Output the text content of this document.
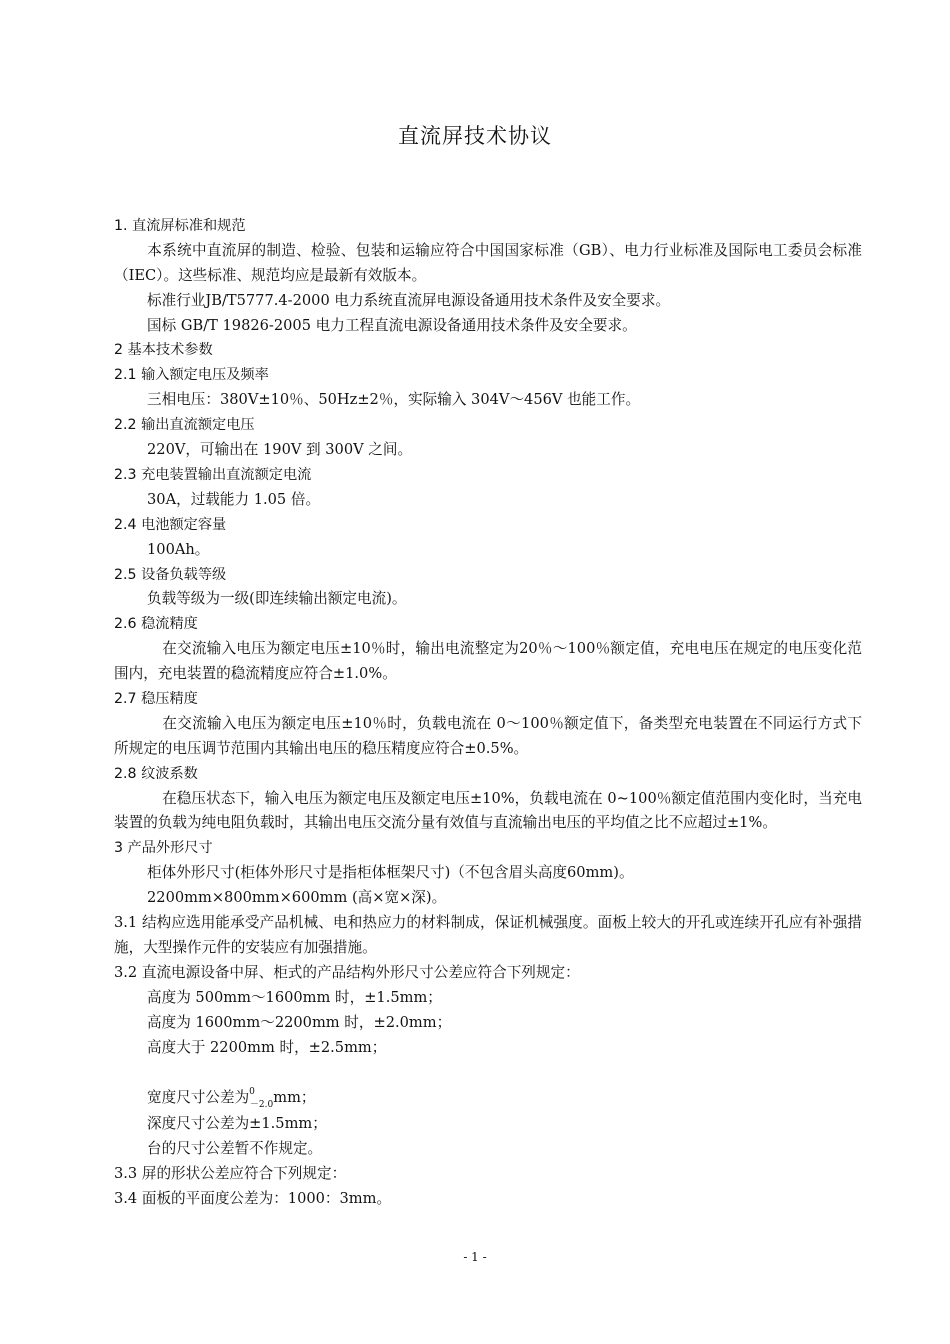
直流屏技术协议
1. 直流屏标准和规范
本系统中直流屏的制造、检验、包装和运输应符合中国国家标准（GB）、电力行业标准及国际电工委员会标准（IEC）。这些标准、规范均应是最新有效版本。
标准行业JB/T5777.4-2000 电力系统直流屏电源设备通用技术条件及安全要求。
国标 GB/T 19826-2005 电力工程直流电源设备通用技术条件及安全要求。
2 基本技术参数
2.1 输入额定电压及频率
三相电压：380V±10％、50Hz±2％，实际输入 304V～456V 也能工作。
2.2 输出直流额定电压
220V，可输出在 190V 到 300V 之间。
2.3 充电装置输出直流额定电流
30A，过载能力 1.05 倍。
2.4 电池额定容量
100Ah。
2.5 设备负载等级
负载等级为一级(即连续输出额定电流)。
2.6 稳流精度
在交流输入电压为额定电压±10％时，输出电流整定为20％～100％额定值，充电电压在规定的电压变化范围内，充电装置的稳流精度应符合±1.0%。
2.7 稳压精度
在交流输入电压为额定电压±10％时，负载电流在 0～100％额定值下，备类型充电装置在不同运行方式下所规定的电压调节范围内其输出电压的稳压精度应符合±0.5%。
2.8 纹波系数
在稳压状态下，输入电压为额定电压及额定电压±10%，负载电流在 0~100％额定值范围内变化时，当充电装置的负载为纯电阻负载时，其输出电压交流分量有效值与直流输出电压的平均值之比不应超过±1%。
3 产品外形尺寸
柜体外形尺寸(柜体外形尺寸是指柜体框架尺寸)（不包含眉头高度60mm)。
2200mm×800mm×600mm (高×宽×深)。
3.1 结构应选用能承受产品机械、电和热应力的材料制成，保证机械强度。面板上较大的开孔或连续开孔应有补强措施，大型操作元件的安装应有加强措施。
3.2 直流电源设备中屏、柜式的产品结构外形尺寸公差应符合下列规定：
高度为 500mm～1600mm 时，±1.5mm；
高度为 1600mm～2200mm 时，±2.0mm；
高度大于 2200mm 时，±2.5mm；
宽度尺寸公差为$^0_{-2.0}$mm；
深度尺寸公差为±1.5mm；
台的尺寸公差暂不作规定。
3.3 屏的形状公差应符合下列规定：
3.4 面板的平面度公差为：1000：3mm。
- 1 -
